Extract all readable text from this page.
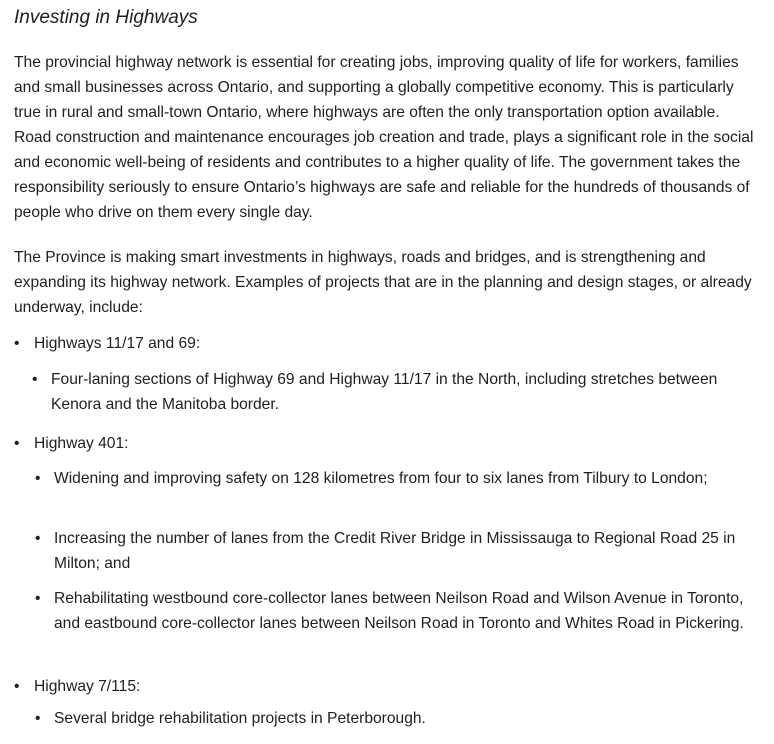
Investing in Highways

The provincial highway network is essential for creating jobs, improving quality of life for workers, families and small businesses across Ontario, and supporting a globally competitive economy. This is particularly true in rural and small-town Ontario, where highways are often the only transportation option available. Road construction and maintenance encourages job creation and trade, plays a significant role in the social and economic well-being of residents and contributes to a higher quality of life. The government takes the responsibility seriously to ensure Ontario’s highways are safe and reliable for the hundreds of thousands of people who drive on them every single day.

The Province is making smart investments in highways, roads and bridges, and is strengthening and expanding its highway network. Examples of projects that are in the planning and design stages, or already underway, include:

• Highways 11/17 and 69:
• Four-laning sections of Highway 69 and Highway 11/17 in the North, including stretches between Kenora and the Manitoba border.
• Highway 401:
• Widening and improving safety on 128 kilometres from four to six lanes from Tilbury to London;
• Increasing the number of lanes from the Credit River Bridge in Mississauga to Regional Road 25 in Milton; and
• Rehabilitating westbound core-collector lanes between Neilson Road and Wilson Avenue in Toronto, and eastbound core-collector lanes between Neilson Road in Toronto and Whites Road in Pickering.
• Highway 7/115:
• Several bridge rehabilitation projects in Peterborough.
